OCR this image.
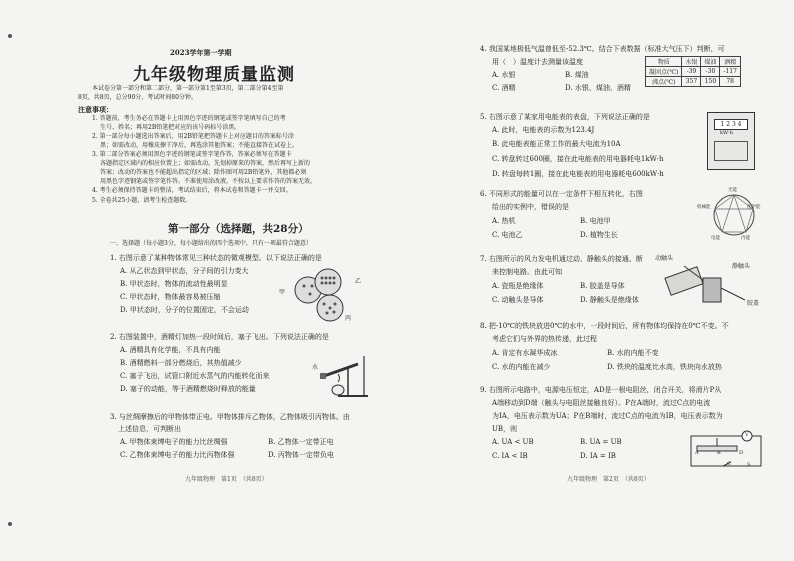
2023学年第一学期
九年级物理质量监测
本试卷分第一部分和第二部分，第一部分第1至第3页，第二部分第4至第
8页，共8页，总分90分，考试时间80分钟。
注意事项：
1. 答题前，考生务必在答题卡上用黑色字迹的钢笔或签字笔填写自己的考
生号、姓名；再用2B铅笔把对应的该号码标号涂黑。
2. 第一部分每小题选出答案后，用2B铅笔把答题卡上对应题目的答案标号涂
黑；如需改动，用橡皮擦干净后，再选涂其他答案；不能直接答在试卷上。
3. 第二部分答案必须用黑色字迹的钢笔或签字笔作答，答案必须写在答题卡
各题指定区域内的相应位置上；如需改动，先划掉原来的答案，然后再写上新的
答案；改动的答案也不能超出指定的区域；除作图可用2B铅笔外，其他都必须
用黑色字迹钢笔或签字笔作答。不准使用涂改液。不按以上要求作答的答案无效。
4. 考生必须保持答题卡的整洁，考试结束后，将本试卷和答题卡一并交回。
5. 全卷共25小题，请考生检查题数。
第一部分（选择题，共28分）
一、选择题（每小题3分，每小题给出的四个选项中，只有一项最符合题意）
1. 右图示意了某种物体常见三种状态的微观模型。以下说法正确的是
A. 从乙状态到甲状态，分子间的引力变大
B. 甲状态时，物体的流动性最明显
C. 甲状态时，物体最容易被压缩
D. 甲状态时，分子的位置固定，不会运动
甲
乙
丙
2. 右图装置中，酒精灯加热一段时间后，塞子飞出。下列说法正确的是
A. 酒精具有化学能，不具有内能
B. 酒精燃料一部分燃烧后，其热值减少
C. 塞子飞出，试管口附近水蒸气的内能转化而来
D. 塞子的动能，等于酒精燃烧时释放的能量
水
3. 与丝绸摩擦后的甲物体带正电。甲物体排斥乙物体，乙物体吸引丙物体。由
上述信息，可判断出
A. 甲物体束缚电子的能力比丝绸强	B. 乙物体一定带正电
C. 乙物体束缚电子的能力比丙物体强	D. 丙物体一定带负电
九年级物理　第1页　（共8页）
4. 我国某地极低气温曾低至-52.3℃。结合下表数据（标准大气压下）判断，可
用（　）温度计去测量该温度
A. 水银	B. 煤油
C. 酒精	D. 水银、煤油、酒精
物质	水银	煤油	酒精
凝固点(℃)	-39	-30	-117
沸点(℃)	357	150	78
5. 右图示意了某家用电能表的表盘，下列说法正确的是
A. 此时，电能表的示数为123.4J
B. 此电能表能正常工作的最大电流为10A
C. 转盘转过600圈，接在此电能表的用电器耗电1kW·h
D. 转盘每转1圈，接在此电能表的用电器耗电600kW·h
1 2 3 4
kW·h
6. 不同形式的能量可以在一定条件下相互转化，右图
给出的实例中，错误的是
A. 热机	B. 电池甲
C. 电池乙	D. 植物生长
光能
化学能
内能
电能
机械能
7. 右图所示的风力发电机通过动、静触头的接通、断
来控制电路。由此可知
A. 瓷瓶是绝缘体	B. 胶盖是导体
C. 动触头是导体	D. 静触头是绝缘体
动触头
静触头
胶盖
8. 把-10℃的铁块放进0℃的水中，一段时间后，所有物体均保持在0℃不变。不
考虑它们与外界的热传递，此过程
A. 肯定有水凝华成冰	B. 水的内能不变
C. 水的内能在减少	D. 铁块的温度比水高，铁块向水放热
9. 右图所示电路中，电源电压恒定，AD是一根电阻丝，闭合开关，将滑片P从
A端移动到D端（触头与电阻丝接触良好）。P在A端时，流过C点的电流
为IA，电压表示数为UA；P在B端时，流过C点的电流为IB，电压表示数为
UB，则
A. UA < UB	B. UA = UB
C. IA < IB	D. IA = IB
V
A	B
C
D
S
九年级物理　第2页　（共8页）
